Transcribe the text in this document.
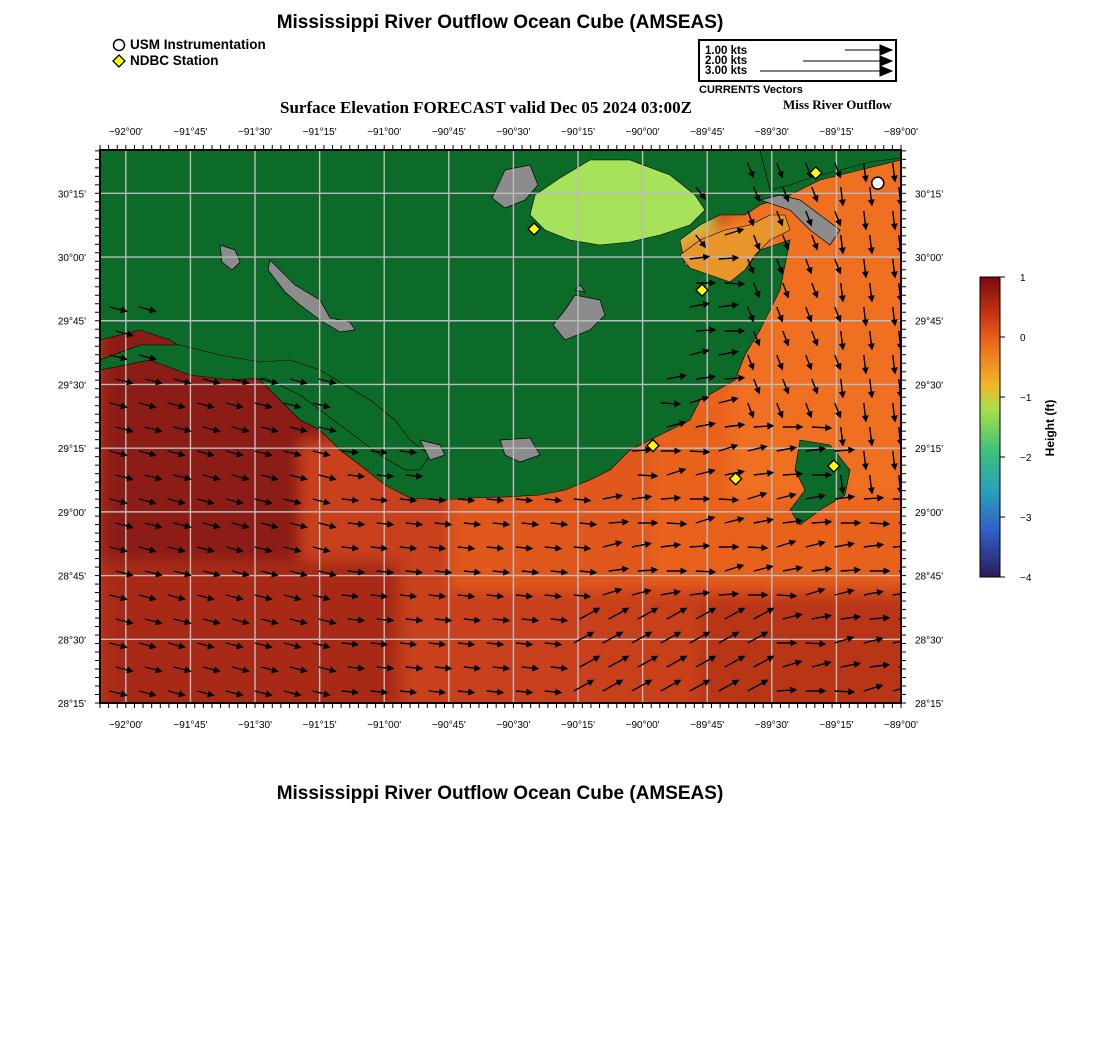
Mississippi River Outflow Ocean Cube (AMSEAS)
USM Instrumentation
NDBC Station
1.00 kts
2.00 kts
3.00 kts
CURRENTS Vectors
Surface Elevation FORECAST valid Dec 05 2024 03:00Z	Miss River Outflow
−92°00'
−92°00'
−91°45'
−91°45'
−91°30'
−91°30'
−91°15'
−91°15'
−91°00'
−91°00'
−90°45'
−90°45'
−90°30'
−90°30'
−90°15'
−90°15'
−90°00'
−90°00'
−89°45'
−89°45'
−89°30'
−89°30'
−89°15'
−89°15'
−89°00'
−89°00'
30°15'	30°15'
30°00'	30°00'
29°45'	29°45'
29°30'	29°30'
29°15'	29°15'
29°00'	29°00'
28°45'	28°45'
28°30'	28°30'
28°15'	28°15'
1
0
−1
−2
−3
−4
Height (ft)
Mississippi River Outflow Ocean Cube (AMSEAS)
